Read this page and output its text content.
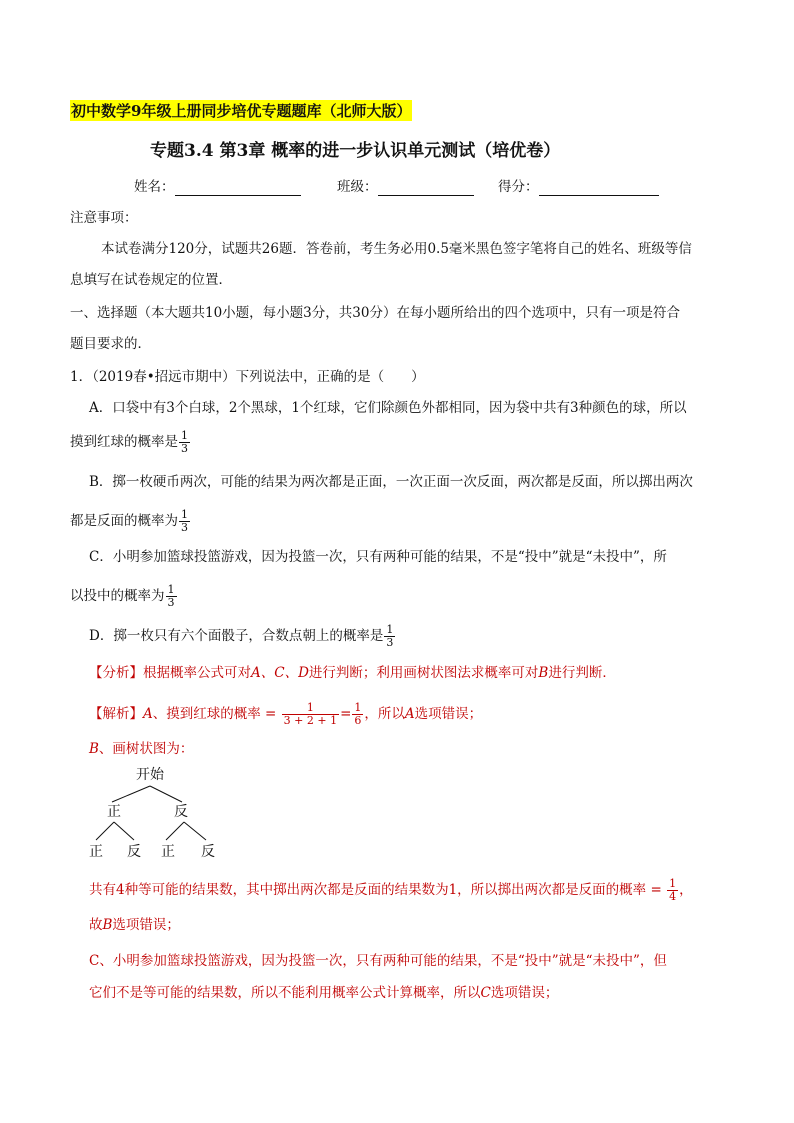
初中数学9年级上册同步培优专题题库（北师大版）
专题3.4 第3章 概率的进一步认识单元测试（培优卷）
姓名：	班级：	得分：
注意事项：
本试卷满分120分，试题共26题．答卷前，考生务必用0.5毫米黑色签字笔将自己的姓名、班级等信
息填写在试卷规定的位置．
一、选择题（本大题共10小题，每小题3分，共30分）在每小题所给出的四个选项中，只有一项是符合
题目要求的．
1．（2019春•招远市期中）下列说法中，正确的是（　　）
A．口袋中有3个白球，2个黑球，1个红球，它们除颜色外都相同，因为袋中共有3种颜色的球，所以
摸到红球的概率是 $\frac{1}{3}$
B．掷一枚硬币两次，可能的结果为两次都是正面，一次正面一次反面，两次都是反面，所以掷出两次
都是反面的概率为 $\frac{1}{3}$
C．小明参加篮球投篮游戏，因为投篮一次，只有两种可能的结果，不是“投中”就是“未投中”，所
以投中的概率为 $\frac{1}{3}$
D．掷一枚只有六个面骰子，合数点朝上的概率是 $\frac{1}{3}$
【分析】根据概率公式可对A、C、D进行判断；利用画树状图法求概率可对B进行判断．
【解析】A、摸到红球的概率 = $\frac{1}{3 + 2 + 1} = \frac{1}{6}$ ，所以A选项错误；
B、画树状图为：
开始
正	反
正 反 正 反
共有4种等可能的结果数，其中掷出两次都是反面的结果数为1，所以掷出两次都是反面的概率 = $\frac{1}{4}$ ，
故B选项错误；
C、小明参加篮球投篮游戏，因为投篮一次，只有两种可能的结果，不是“投中”就是“未投中”，但
它们不是等可能的结果数，所以不能利用概率公式计算概率，所以C选项错误；
